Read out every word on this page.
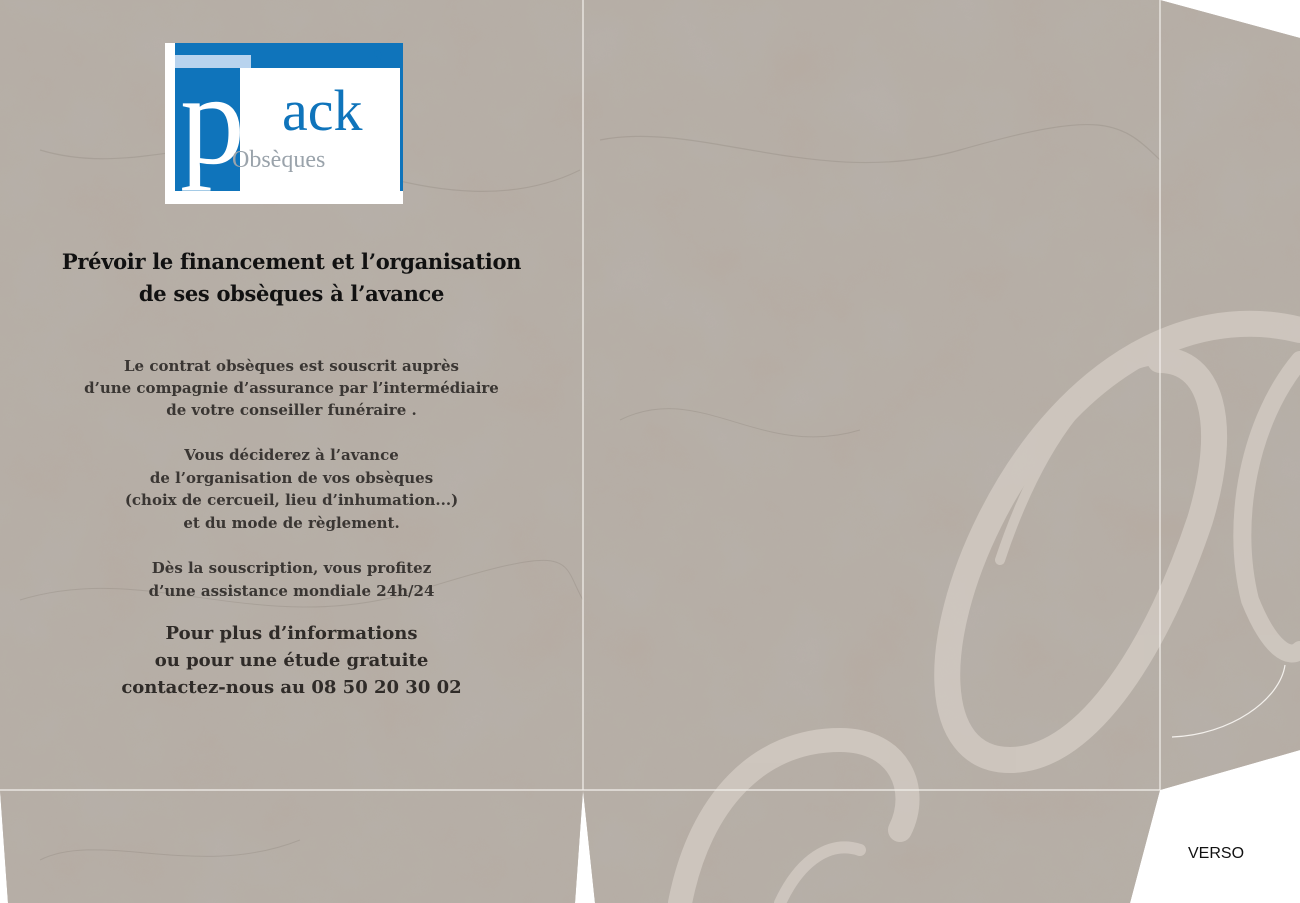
p ack
’
Obsèques
Prévoir le financement et l’organisation
de ses obsèques à l’avance
Le contrat obsèques est souscrit auprès
d’une compagnie d’assurance par l’intermédiaire
de votre conseiller funéraire .
Vous déciderez à l’avance
de l’organisation de vos obsèques
(choix de cercueil, lieu d’inhumation...)
et du mode de règlement.
Dès la souscription, vous profitez
d’une assistance mondiale 24h/24
Pour plus d’informations
ou pour une étude gratuite
contactez-nous au 08 50 20 30 02
VERSO
